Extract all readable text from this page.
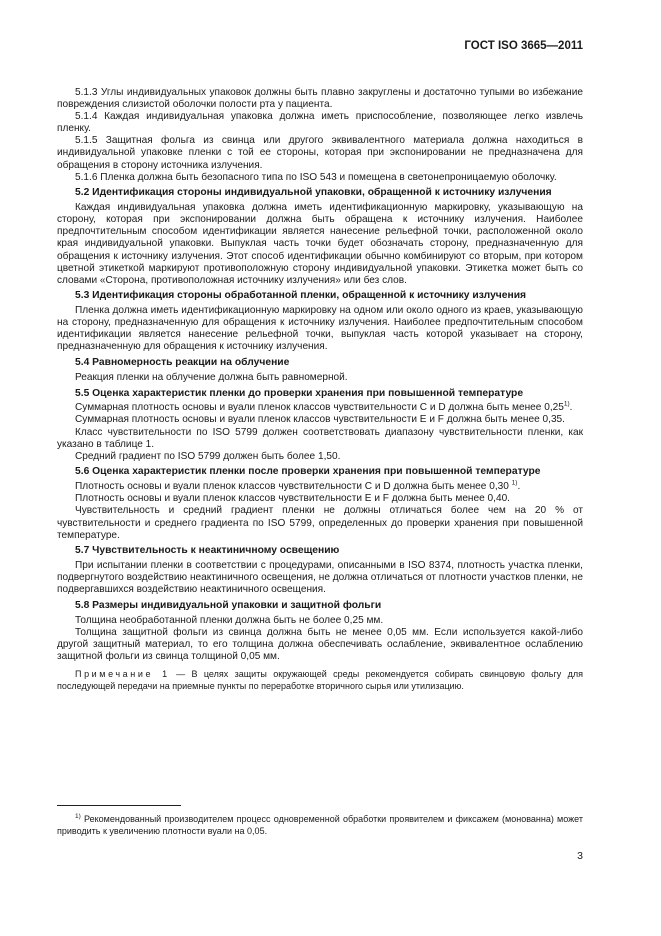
ГОСТ ISO 3665—2011

5.1.3 Углы индивидуальных упаковок должны быть плавно закруглены и достаточно тупыми во избежание повреждения слизистой оболочки полости рта у пациента.

5.1.4 Каждая индивидуальная упаковка должна иметь приспособление, позволяющее легко извлечь пленку.

5.1.5 Защитная фольга из свинца или другого эквивалентного материала должна находиться в индивидуальной упаковке пленки с той ее стороны, которая при экспонировании не предназначена для обращения в сторону источника излучения.

5.1.6 Пленка должна быть безопасного типа по ISO 543 и помещена в светонепроницаемую оболочку.

5.2 Идентификация стороны индивидуальной упаковки, обращенной к источнику излучения

Каждая индивидуальная упаковка должна иметь идентификационную маркировку, указывающую на сторону, которая при экспонировании должна быть обращена к источнику излучения. Наиболее предпочтительным способом идентификации является нанесение рельефной точки, расположенной около края индивидуальной упаковки. Выпуклая часть точки будет обозначать сторону, предназначенную для обращения к источнику излучения. Этот способ идентификации обычно комбинируют со вторым, при котором цветной этикеткой маркируют противоположную сторону индивидуальной упаковки. Этикетка может быть со словами «Сторона, противоположная источнику излучения» или без слов.

5.3 Идентификация стороны обработанной пленки, обращенной к источнику излучения

Пленка должна иметь идентификационную маркировку на одном или около одного из краев, указывающую на сторону, предназначенную для обращения к источнику излучения. Наиболее предпочтительным способом идентификации является нанесение рельефной точки, выпуклая часть которой указывает на сторону, предназначенную для обращения к источнику излучения.

5.4 Равномерность реакции на облучение

Реакция пленки на облучение должна быть равномерной.

5.5 Оценка характеристик пленки до проверки хранения при повышенной температуре

Суммарная плотность основы и вуали пленок классов чувствительности С и D должна быть менее 0,25$^{1)}$.

Суммарная плотность основы и вуали пленок классов чувствительности Е и F должна быть менее 0,35.

Класс чувствительности по ISO 5799 должен соответствовать диапазону чувствительности пленки, как указано в таблице 1.

Средний градиент по ISO 5799 должен быть более 1,50.

5.6 Оценка характеристик пленки после проверки хранения при повышенной температуре

Плотность основы и вуали пленок классов чувствительности С и D должна быть менее 0,30 $^{1)}$.

Плотность основы и вуали пленок классов чувствительности Е и F должна быть менее 0,40.

Чувствительность и средний градиент пленки не должны отличаться более чем на 20 % от чувствительности и среднего градиента по ISO 5799, определенных до проверки хранения при повышенной температуре.

5.7 Чувствительность к неактиничному освещению

При испытании пленки в соответствии с процедурами, описанными в ISO 8374, плотность участка пленки, подвергнутого воздействию неактиничного освещения, не должна отличаться от плотности участков пленки, не подвергавшихся воздействию неактиничного освещения.

5.8 Размеры индивидуальной упаковки и защитной фольги

Толщина необработанной пленки должна быть не более 0,25 мм.

Толщина защитной фольги из свинца должна быть не менее 0,05 мм. Если используется какой-либо другой защитный материал, то его толщина должна обеспечивать ослабление, эквивалентное ослаблению защитной фольги из свинца толщиной 0,05 мм.

Примечание 1 — В целях защиты окружающей среды рекомендуется собирать свинцовую фольгу для последующей передачи на приемные пункты по переработке вторичного сырья или утилизацию.

$^{1)}$ Рекомендованный производителем процесс одновременной обработки проявителем и фиксажем (монованна) может приводить к увеличению плотности вуали на 0,05.
3
